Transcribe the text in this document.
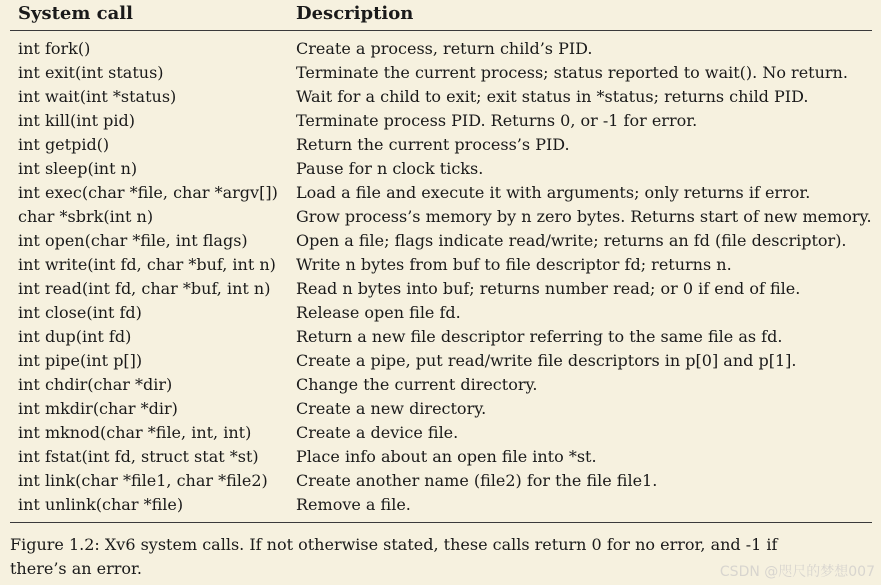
System call	Description
int fork()	Create a process, return child’s PID.
int exit(int status)	Terminate the current process; status reported to wait(). No return.
int wait(int *status)	Wait for a child to exit; exit status in *status; returns child PID.
int kill(int pid)	Terminate process PID. Returns 0, or -1 for error.
int getpid()	Return the current process’s PID.
int sleep(int n)	Pause for n clock ticks.
int exec(char *file, char *argv[]) Load a file and execute it with arguments; only returns if error.
char *sbrk(int n)	Grow process’s memory by n zero bytes. Returns start of new memory.
int open(char *file, int flags)	Open a file; flags indicate read/write; returns an fd (file descriptor).
int write(int fd, char *buf, int n) Write n bytes from buf to file descriptor fd; returns n.
int read(int fd, char *buf, int n) Read n bytes into buf; returns number read; or 0 if end of file.
int close(int fd)	Release open file fd.
int dup(int fd)	Return a new file descriptor referring to the same file as fd.
int pipe(int p[])	Create a pipe, put read/write file descriptors in p[0] and p[1].
int chdir(char *dir)	Change the current directory.
int mkdir(char *dir)	Create a new directory.
int mknod(char *file, int, int)	Create a device file.
int fstat(int fd, struct stat *st) Place info about an open file into *st.
int link(char *file1, char *file2) Create another name (file2) for the file file1.
int unlink(char *file)	Remove a file.
Figure 1.2: Xv6 system calls. If not otherwise stated, these calls return 0 for no error, and -1 if there’s an error.	CSDN @咫尺的梦想007
